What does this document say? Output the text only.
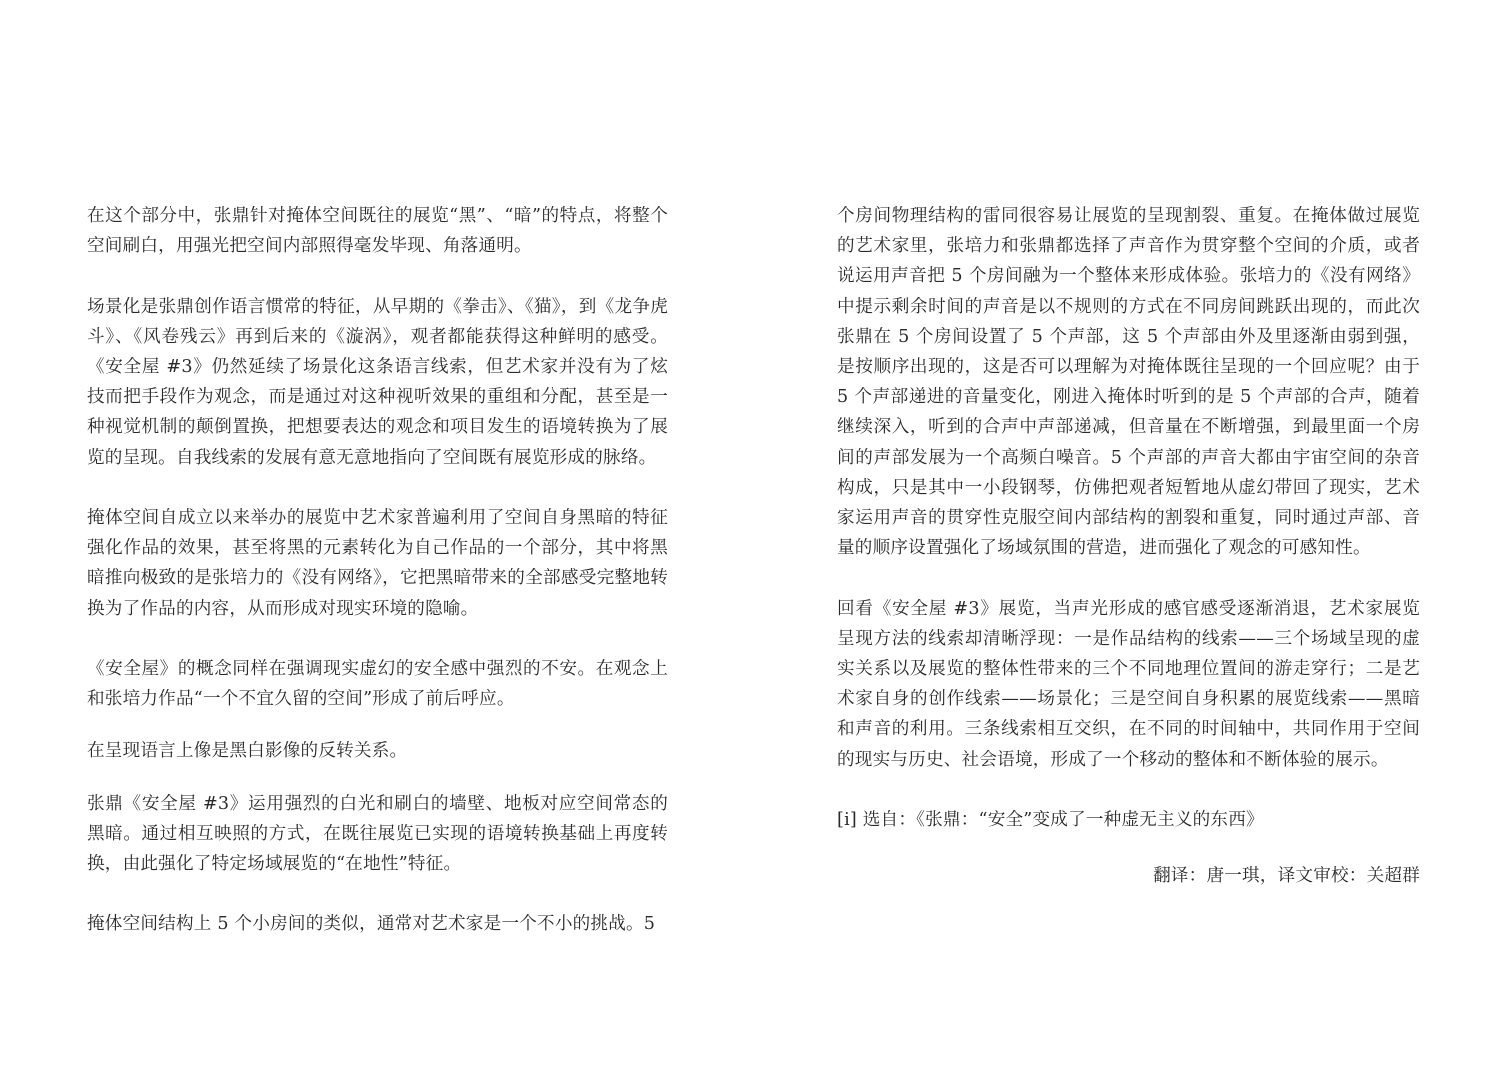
在这个部分中，张鼎针对掩体空间既往的展览“黑”、“暗”的特点，将整个空间刷白，用强光把空间内部照得毫发毕现、角落通明。

场景化是张鼎创作语言惯常的特征，从早期的《拳击》、《猫》，到《龙争虎斗》、《风卷残云》再到后来的《漩涡》，观者都能获得这种鲜明的感受。《安全屋 #3》仍然延续了场景化这条语言线索，但艺术家并没有为了炫技而把手段作为观念，而是通过对这种视听效果的重组和分配，甚至是一种视觉机制的颠倒置换，把想要表达的观念和项目发生的语境转换为了展览的呈现。自我线索的发展有意无意地指向了空间既有展览形成的脉络。

掩体空间自成立以来举办的展览中艺术家普遍利用了空间自身黑暗的特征强化作品的效果，甚至将黑的元素转化为自己作品的一个部分，其中将黑暗推向极致的是张培力的《没有网络》，它把黑暗带来的全部感受完整地转换为了作品的内容，从而形成对现实环境的隐喻。

《安全屋》的概念同样在强调现实虚幻的安全感中强烈的不安。在观念上和张培力作品“一个不宜久留的空间”形成了前后呼应。

在呈现语言上像是黑白影像的反转关系。

张鼎《安全屋 #3》运用强烈的白光和刷白的墙壁、地板对应空间常态的黑暗。通过相互映照的方式，在既往展览已实现的语境转换基础上再度转换，由此强化了特定场域展览的“在地性”特征。

掩体空间结构上 5 个小房间的类似，通常对艺术家是一个不小的挑战。5

个房间物理结构的雷同很容易让展览的呈现割裂、重复。在掩体做过展览的艺术家里，张培力和张鼎都选择了声音作为贯穿整个空间的介质，或者说运用声音把 5 个房间融为一个整体来形成体验。张培力的《没有网络》中提示剩余时间的声音是以不规则的方式在不同房间跳跃出现的，而此次张鼎在 5 个房间设置了 5 个声部，这 5 个声部由外及里逐渐由弱到强，是按顺序出现的，这是否可以理解为对掩体既往呈现的一个回应呢？由于 5 个声部递进的音量变化，刚进入掩体时听到的是 5 个声部的合声，随着继续深入，听到的合声中声部递减，但音量在不断增强，到最里面一个房间的声部发展为一个高频白噪音。5 个声部的声音大都由宇宙空间的杂音构成，只是其中一小段钢琴，仿佛把观者短暂地从虚幻带回了现实，艺术家运用声音的贯穿性克服空间内部结构的割裂和重复，同时通过声部、音量的顺序设置强化了场域氛围的营造，进而强化了观念的可感知性。

回看《安全屋 #3》展览，当声光形成的感官感受逐渐消退，艺术家展览呈现方法的线索却清晰浮现：一是作品结构的线索——三个场域呈现的虚实关系以及展览的整体性带来的三个不同地理位置间的游走穿行；二是艺术家自身的创作线索——场景化；三是空间自身积累的展览线索——黑暗和声音的利用。三条线索相互交织，在不同的时间轴中，共同作用于空间的现实与历史、社会语境，形成了一个移动的整体和不断体验的展示。

[i] 选自：《张鼎：“安全”变成了一种虚无主义的东西》

翻译：唐一琪，译文审校：关超群
